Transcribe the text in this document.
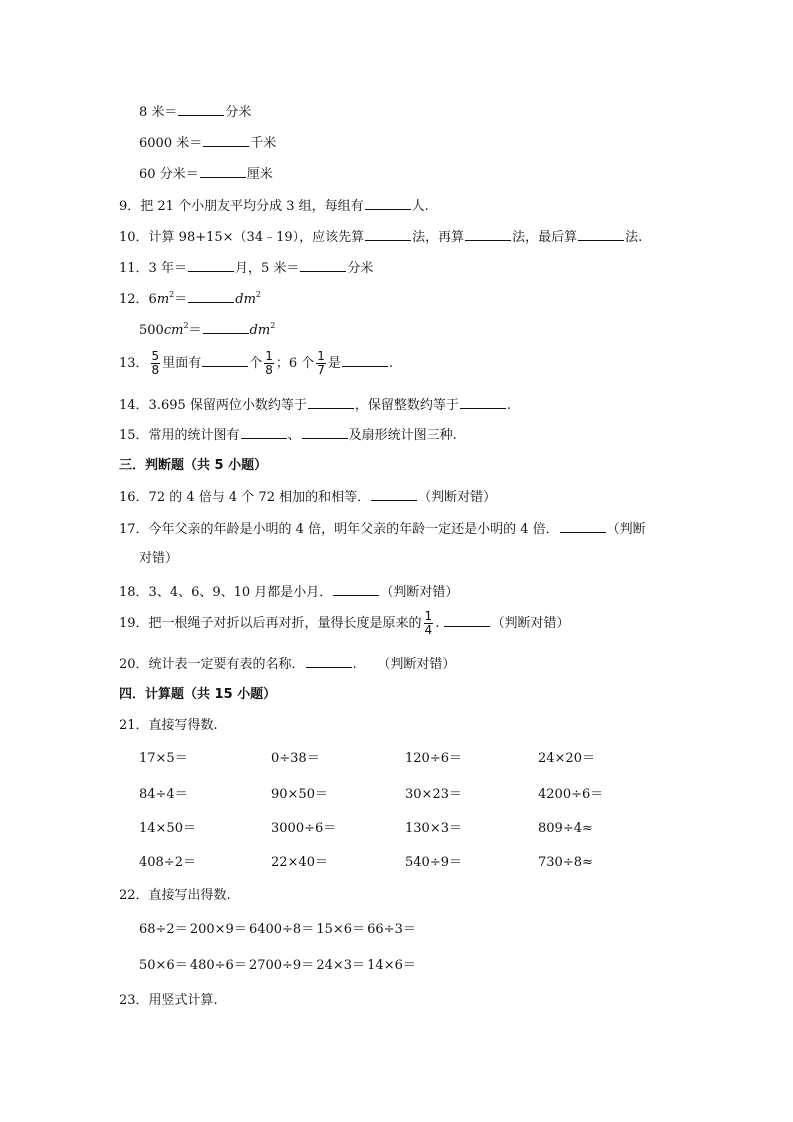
8 米＝	分米
6000 米＝	千米
60 分米＝	厘米
9．把 21 个小朋友平均分成 3 组，每组有	人.
10．计算 98+15×（34﹣19），应该先算	法，再算	法，最后算	法.
11．3 年＝	月，5 米＝	分米
12．$6m^2=$	$dm^2$
$500cm^2=$	$dm^2$
13． $\frac{5}{8}$ 里面有	个 $\frac{1}{8}$ ；6 个 $\frac{1}{7}$ 是	.
14．3.695 保留两位小数约等于	，保留整数约等于	.
15．常用的统计图有	、	及扇形统计图三种.
三．判断题（共 5 小题）
16．72 的 4 倍与 4 个 72 相加的和相等．	（判断对错）
17．今年父亲的年龄是小明的 4 倍，明年父亲的年龄一定还是小明的 4 倍．	（判断
对错）
18．3、4、6、9、10 月都是小月．	（判断对错）
19．把一根绳子对折以后再对折，量得长度是原来的 $\frac{1}{4}$ .	（判断对错）
20．统计表一定要有表的名称．	. （判断对错）
四．计算题（共 15 小题）
21．直接写得数.
17×5＝	0÷38＝	120÷6＝	24×20＝
84÷4＝	90×50＝	30×23＝	4200÷6＝
14×50＝	3000÷6＝	130×3＝	809÷4≈
408÷2＝	22×40＝	540÷9＝	730÷8≈
22．直接写出得数.
68÷2＝ 200×9＝ 6400÷8＝ 15×6＝ 66÷3＝
50×6＝ 480÷6＝ 2700÷9＝ 24×3＝ 14×6＝
23．用竖式计算.
